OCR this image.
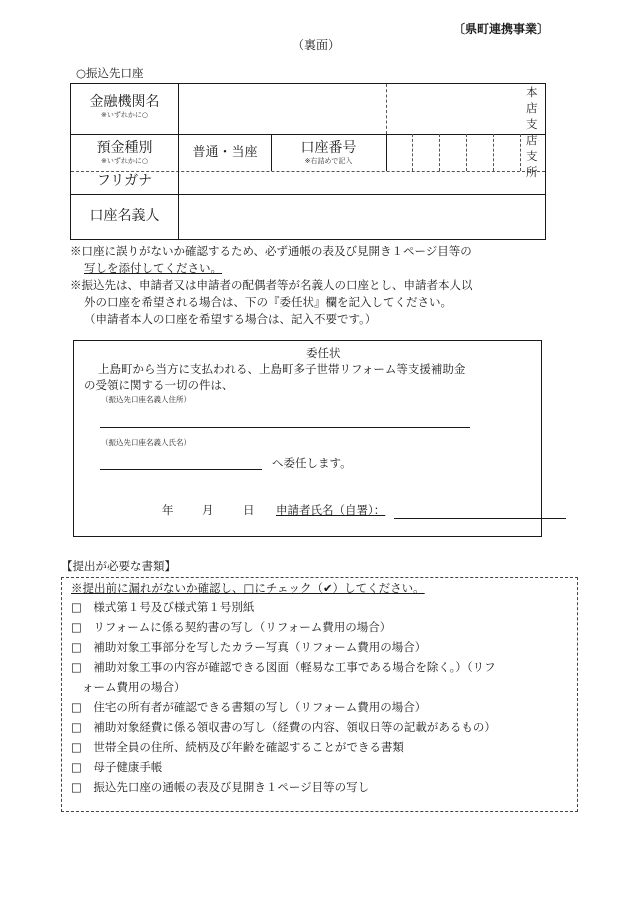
〔県町連携事業〕
（裏面）
○振込先口座
金融機関名
※いずれかに○
本店
支店
支所
預金種別
※いずれかに○
普通・当座	口座番号
※右詰めで記入
フリガナ
口座名義人
※口座に誤りがないか確認するため、必ず通帳の表及び見開き１ページ目等の
写しを添付してください。
※振込先は、申請者又は申請者の配偶者等が名義人の口座とし、申請者本人以
外の口座を希望される場合は、下の『委任状』欄を記入してください。
（申請者本人の口座を希望する場合は、記入不要です。）
委任状
上島町から当方に支払われる、上島町多子世帯リフォーム等支援補助金
の受領に関する一切の件は、
（振込先口座名義人住所）
（振込先口座名義人氏名）
へ委任します。
年 月	日 申請者氏名（自署）：
【提出が必要な書類】
※提出前に漏れがないか確認し、□にチェック（✔）してください。
□　 様式第１号及び様式第１号別紙
□　 リフォームに係る契約書の写し（リフォーム費用の場合）
□　 補助対象工事部分を写したカラー写真（リフォーム費用の場合）
□　 補助対象工事の内容が確認できる図面（軽易な工事である場合を除く。）（リフ
ォーム費用の場合）
□　 住宅の所有者が確認できる書類の写し（リフォーム費用の場合）
□　 補助対象経費に係る領収書の写し（経費の内容、領収日等の記載があるもの）
□　 世帯全員の住所、続柄及び年齢を確認することができる書類
□　 母子健康手帳
□　 振込先口座の通帳の表及び見開き１ページ目等の写し
